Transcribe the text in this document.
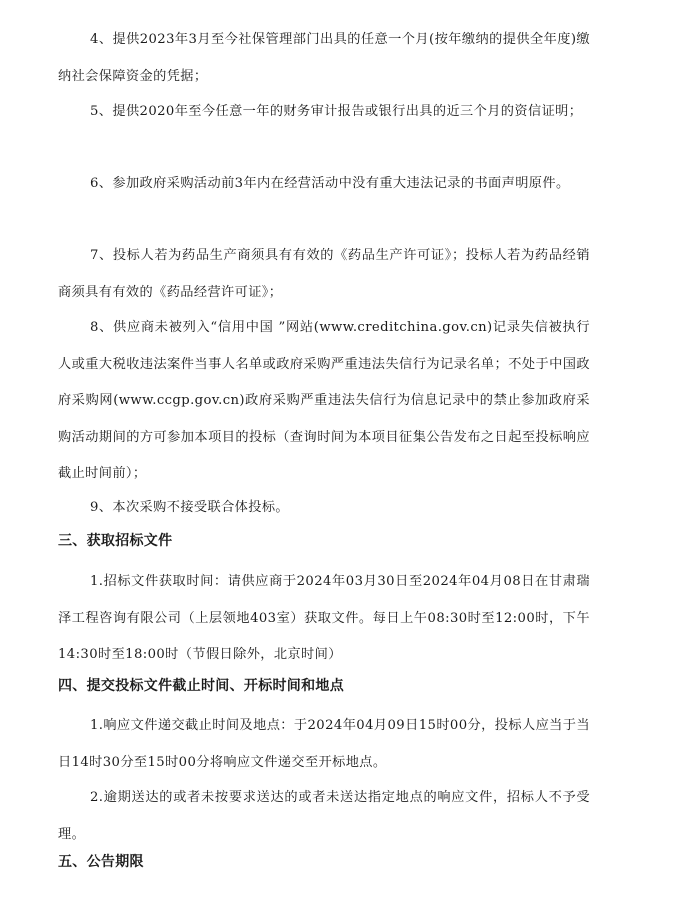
4、提供2023年3月至今社保管理部门出具的任意一个月(按年缴纳的提供全年度)缴纳社会保障资金的凭据；

5、提供2020年至今任意一年的财务审计报告或银行出具的近三个月的资信证明；

6、参加政府采购活动前3年内在经营活动中没有重大违法记录的书面声明原件。

7、投标人若为药品生产商须具有有效的《药品生产许可证》；投标人若为药品经销商须具有有效的《药品经营许可证》；

8、供应商未被列入“信用中国 ”网站(www.creditchina.gov.cn)记录失信被执行人或重大税收违法案件当事人名单或政府采购严重违法失信行为记录名单；不处于中国政府采购网(www.ccgp.gov.cn)政府采购严重违法失信行为信息记录中的禁止参加政府采购活动期间的方可参加本项目的投标（查询时间为本项目征集公告发布之日起至投标响应截止时间前）；

9、本次采购不接受联合体投标。

三、获取招标文件

1.招标文件获取时间：请供应商于2024年03月30日至2024年04月08日在甘肃瑞泽工程咨询有限公司（上层领地403室）获取文件。每日上午08:30时至12:00时，下午14:30时至18:00时（节假日除外，北京时间）

四、提交投标文件截止时间、开标时间和地点

1.响应文件递交截止时间及地点：于2024年04月09日15时00分，投标人应当于当日14时30分至15时00分将响应文件递交至开标地点。

2.逾期送达的或者未按要求送达的或者未送达指定地点的响应文件，招标人不予受理。

五、公告期限
